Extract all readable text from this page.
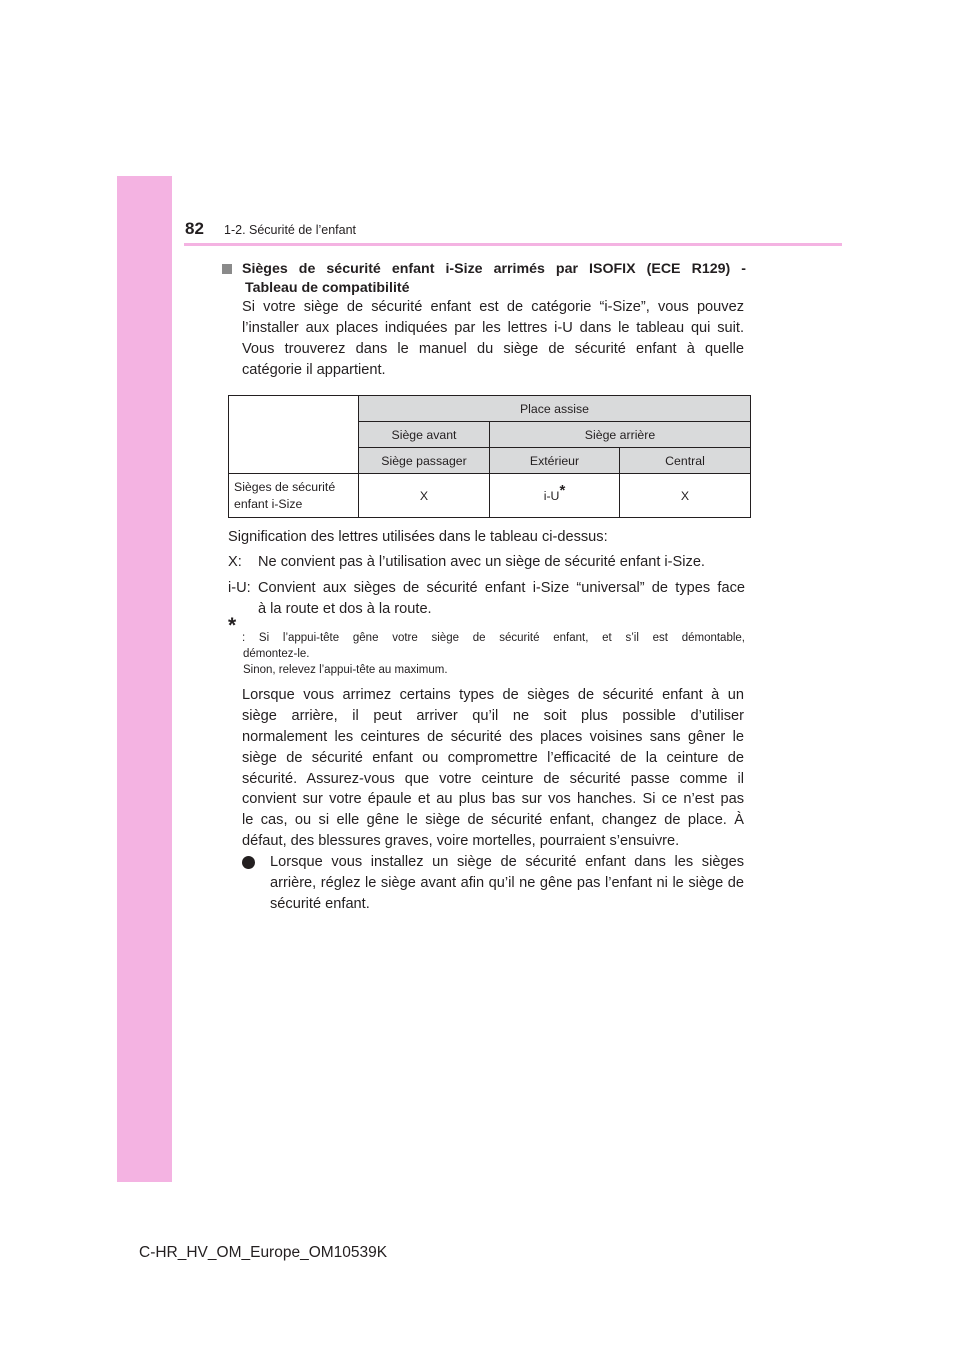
82 1-2. Sécurité de l’enfant
Sièges de sécurité enfant i-Size arrimés par ISOFIX (ECE R129) -
Tableau de compatibilité
Si votre siège de sécurité enfant est de catégorie “i-Size”, vous pouvez
l’installer aux places indiquées par les lettres i-U dans le tableau qui suit.
Vous trouverez dans le manuel du siège de sécurité enfant à quelle
catégorie il appartient.
	Place assise		
	Siège avant	Siège arrière	
	Siège passager	Extérieur	Central
Sièges de sécurité
enfant i-Size	X	i-U*	X
Signification des lettres utilisées dans le tableau ci-dessus:
X: Ne convient pas à l’utilisation avec un siège de sécurité enfant i-Size.
i-U: Convient aux sièges de sécurité enfant i-Size “universal” de types face
à la route et dos à la route.
*
: Si l’appui-tête gêne votre siège de sécurité enfant, et s’il est démontable,
démontez-le.
Sinon, relevez l’appui-tête au maximum.
Lorsque vous arrimez certains types de sièges de sécurité enfant à un
siège arrière, il peut arriver qu’il ne soit plus possible d’utiliser
normalement les ceintures de sécurité des places voisines sans gêner le
siège de sécurité enfant ou compromettre l’efficacité de la ceinture de
sécurité. Assurez-vous que votre ceinture de sécurité passe comme il
convient sur votre épaule et au plus bas sur vos hanches. Si ce n’est pas
le cas, ou si elle gêne le siège de sécurité enfant, changez de place. À
défaut, des blessures graves, voire mortelles, pourraient s’ensuivre.
Lorsque vous installez un siège de sécurité enfant dans les sièges
arrière, réglez le siège avant afin qu’il ne gêne pas l’enfant ni le siège de
sécurité enfant.
C-HR_HV_OM_Europe_OM10539K
